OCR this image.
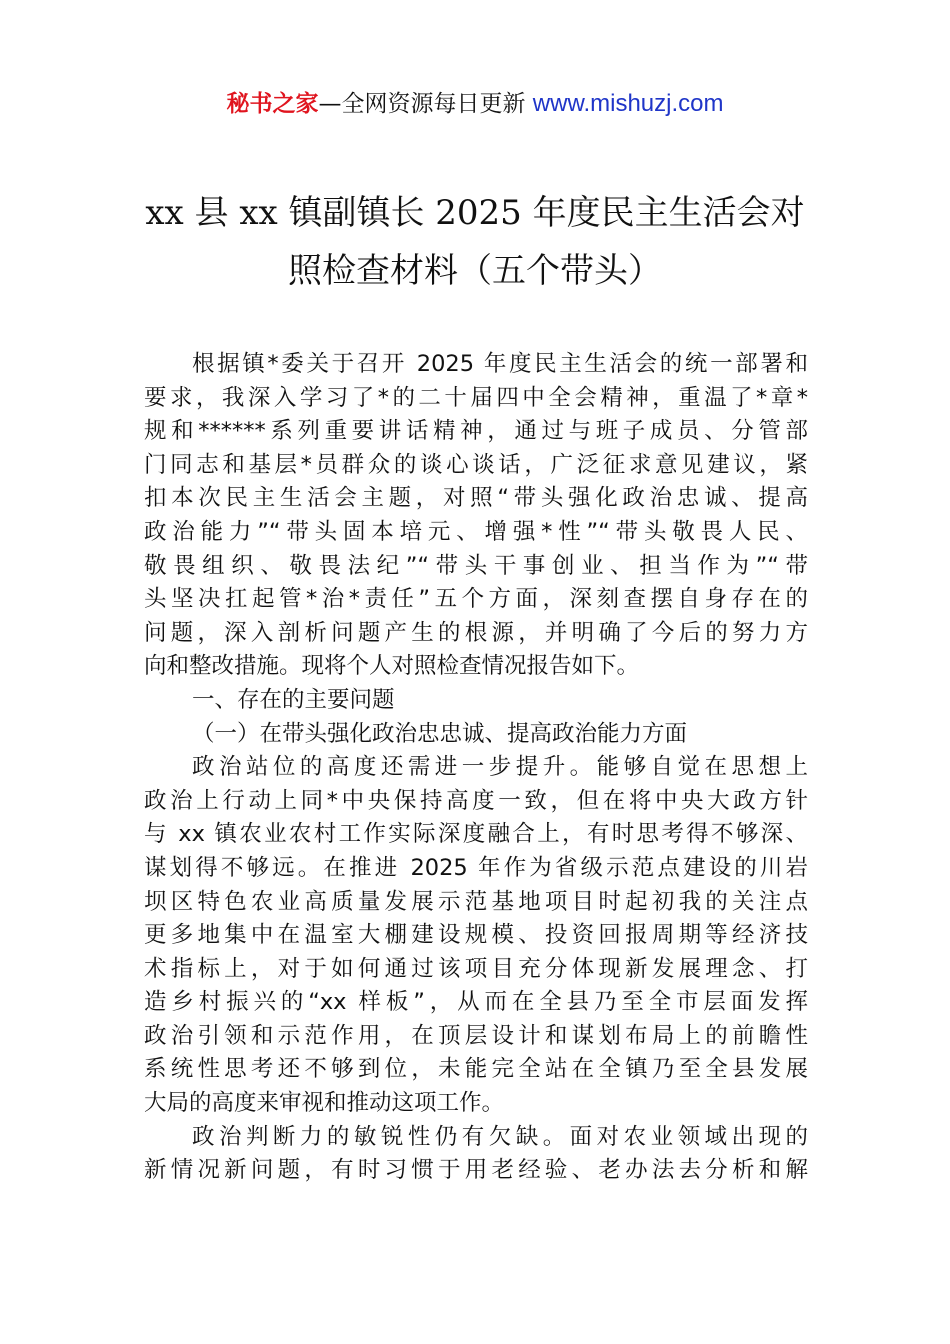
秘书之家—全网资源每日更新 www.mishuzj.com
xx 县 xx 镇副镇长 2025 年度民主生活会对
照检查材料（五个带头）
根据镇*委关于召开 2025 年度民主生活会的统一部署和
要求，我深入学习了*的二十届四中全会精神，重温了*章*
规和******系列重要讲话精神，通过与班子成员、分管部
门同志和基层*员群众的谈心谈话，广泛征求意见建议，紧
扣本次民主生活会主题，对照“带头强化政治忠诚、提高
政治能力”“带头固本培元、增强*性”“带头敬畏人民、
敬畏组织、敬畏法纪”“带头干事创业、担当作为”“带
头坚决扛起管*治*责任”五个方面，深刻查摆自身存在的
问题，深入剖析问题产生的根源，并明确了今后的努力方
向和整改措施。现将个人对照检查情况报告如下。
一、存在的主要问题
（一）在带头强化政治忠忠诚、提高政治能力方面
政治站位的高度还需进一步提升。能够自觉在思想上
政治上行动上同*中央保持高度一致，但在将中央大政方针
与 xx 镇农业农村工作实际深度融合上，有时思考得不够深、
谋划得不够远。在推进 2025 年作为省级示范点建设的川岩
坝区特色农业高质量发展示范基地项目时起初我的关注点
更多地集中在温室大棚建设规模、投资回报周期等经济技
术指标上，对于如何通过该项目充分体现新发展理念、打
造乡村振兴的“xx 样板”，从而在全县乃至全市层面发挥
政治引领和示范作用，在顶层设计和谋划布局上的前瞻性
系统性思考还不够到位，未能完全站在全镇乃至全县发展
大局的高度来审视和推动这项工作。
政治判断力的敏锐性仍有欠缺。面对农业领域出现的
新情况新问题，有时习惯于用老经验、老办法去分析和解
